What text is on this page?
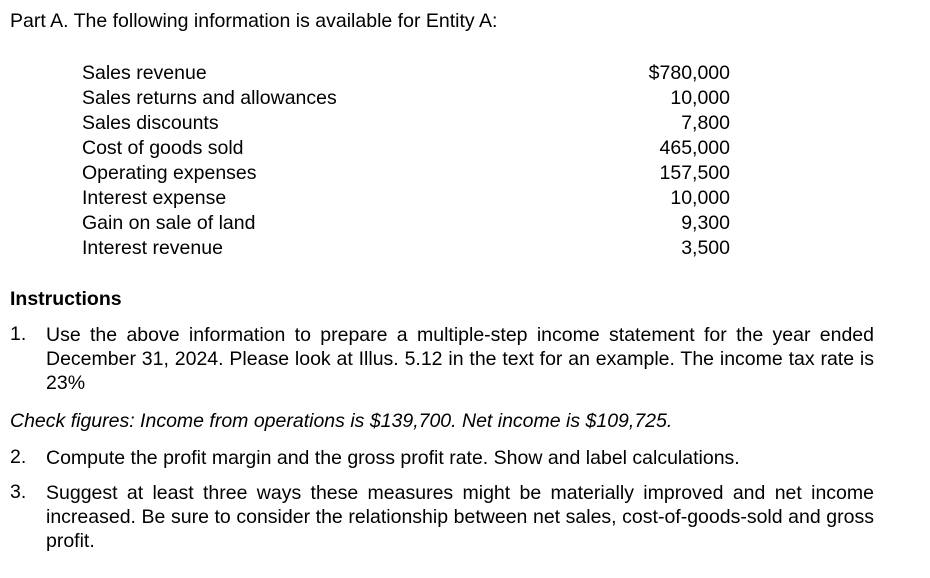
Part A. The following information is available for Entity A:
Sales revenue
Sales returns and allowances
Sales discounts
Cost of goods sold
Operating expenses
Interest expense
Gain on sale of land
Interest revenue
$780,000
10,000
7,800
465,000
157,500
10,000
9,300
3,500
Instructions
1. Use the above information to prepare a multiple-step income statement for the year ended December 31, 2024. Please look at Illus. 5.12 in the text for an example. The income tax rate is 23%
Check figures: Income from operations is $139,700. Net income is $109,725.
2. Compute the profit margin and the gross profit rate. Show and label calculations.
3. Suggest at least three ways these measures might be materially improved and net income increased. Be sure to consider the relationship between net sales, cost-of-goods-sold and gross profit.
